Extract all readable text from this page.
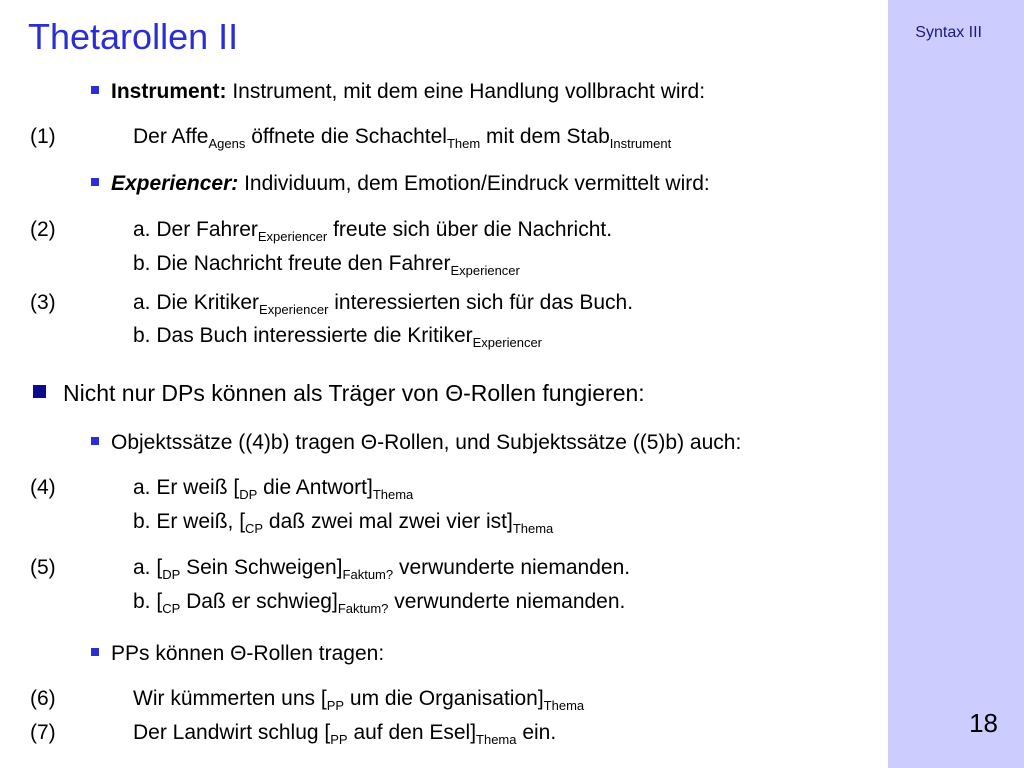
Syntax III
18
Thetarollen II
Instrument: Instrument, mit dem eine Handlung vollbracht wird:
(1)	Der Affe$_{Agens}$ öffnete die Schachtel$_{Them}$ mit dem Stab$_{Instrument}$
Experiencer: Individuum, dem Emotion/Eindruck vermittelt wird:
(2)	a. Der Fahrer$_{Experiencer}$ freute sich über die Nachricht.
b. Die Nachricht freute den Fahrer$_{Experiencer}$
(3)	a. Die Kritiker$_{Experiencer}$ interessierten sich für das Buch.
b. Das Buch interessierte die Kritiker$_{Experiencer}$
Nicht nur DPs können als Träger von Θ-Rollen fungieren:
Objektssätze ((4)b) tragen Θ-Rollen, und Subjektssätze ((5)b) auch:
(4)	a. Er weiß [$_{DP}$ die $Antwort]_{Thema}$
b. Er weiß, [$_{CP}$ daß zwei mal zwei vier $ist]_{Thema}$
(5)	a. [$_{DP}$ Sein $Schweigen]_{Faktum?}$ verwunderte niemanden.
b. [$_{CP}$ Daß er $schwieg]_{Faktum?}$ verwunderte niemanden.
PPs können Θ-Rollen tragen:
(6)	Wir kümmerten uns [$_{PP}$ um die $Organisation]_{Thema}$
(7)	Der Landwirt schlug [$_{PP}$ auf den $Esel]_{Thema}$ ein.
